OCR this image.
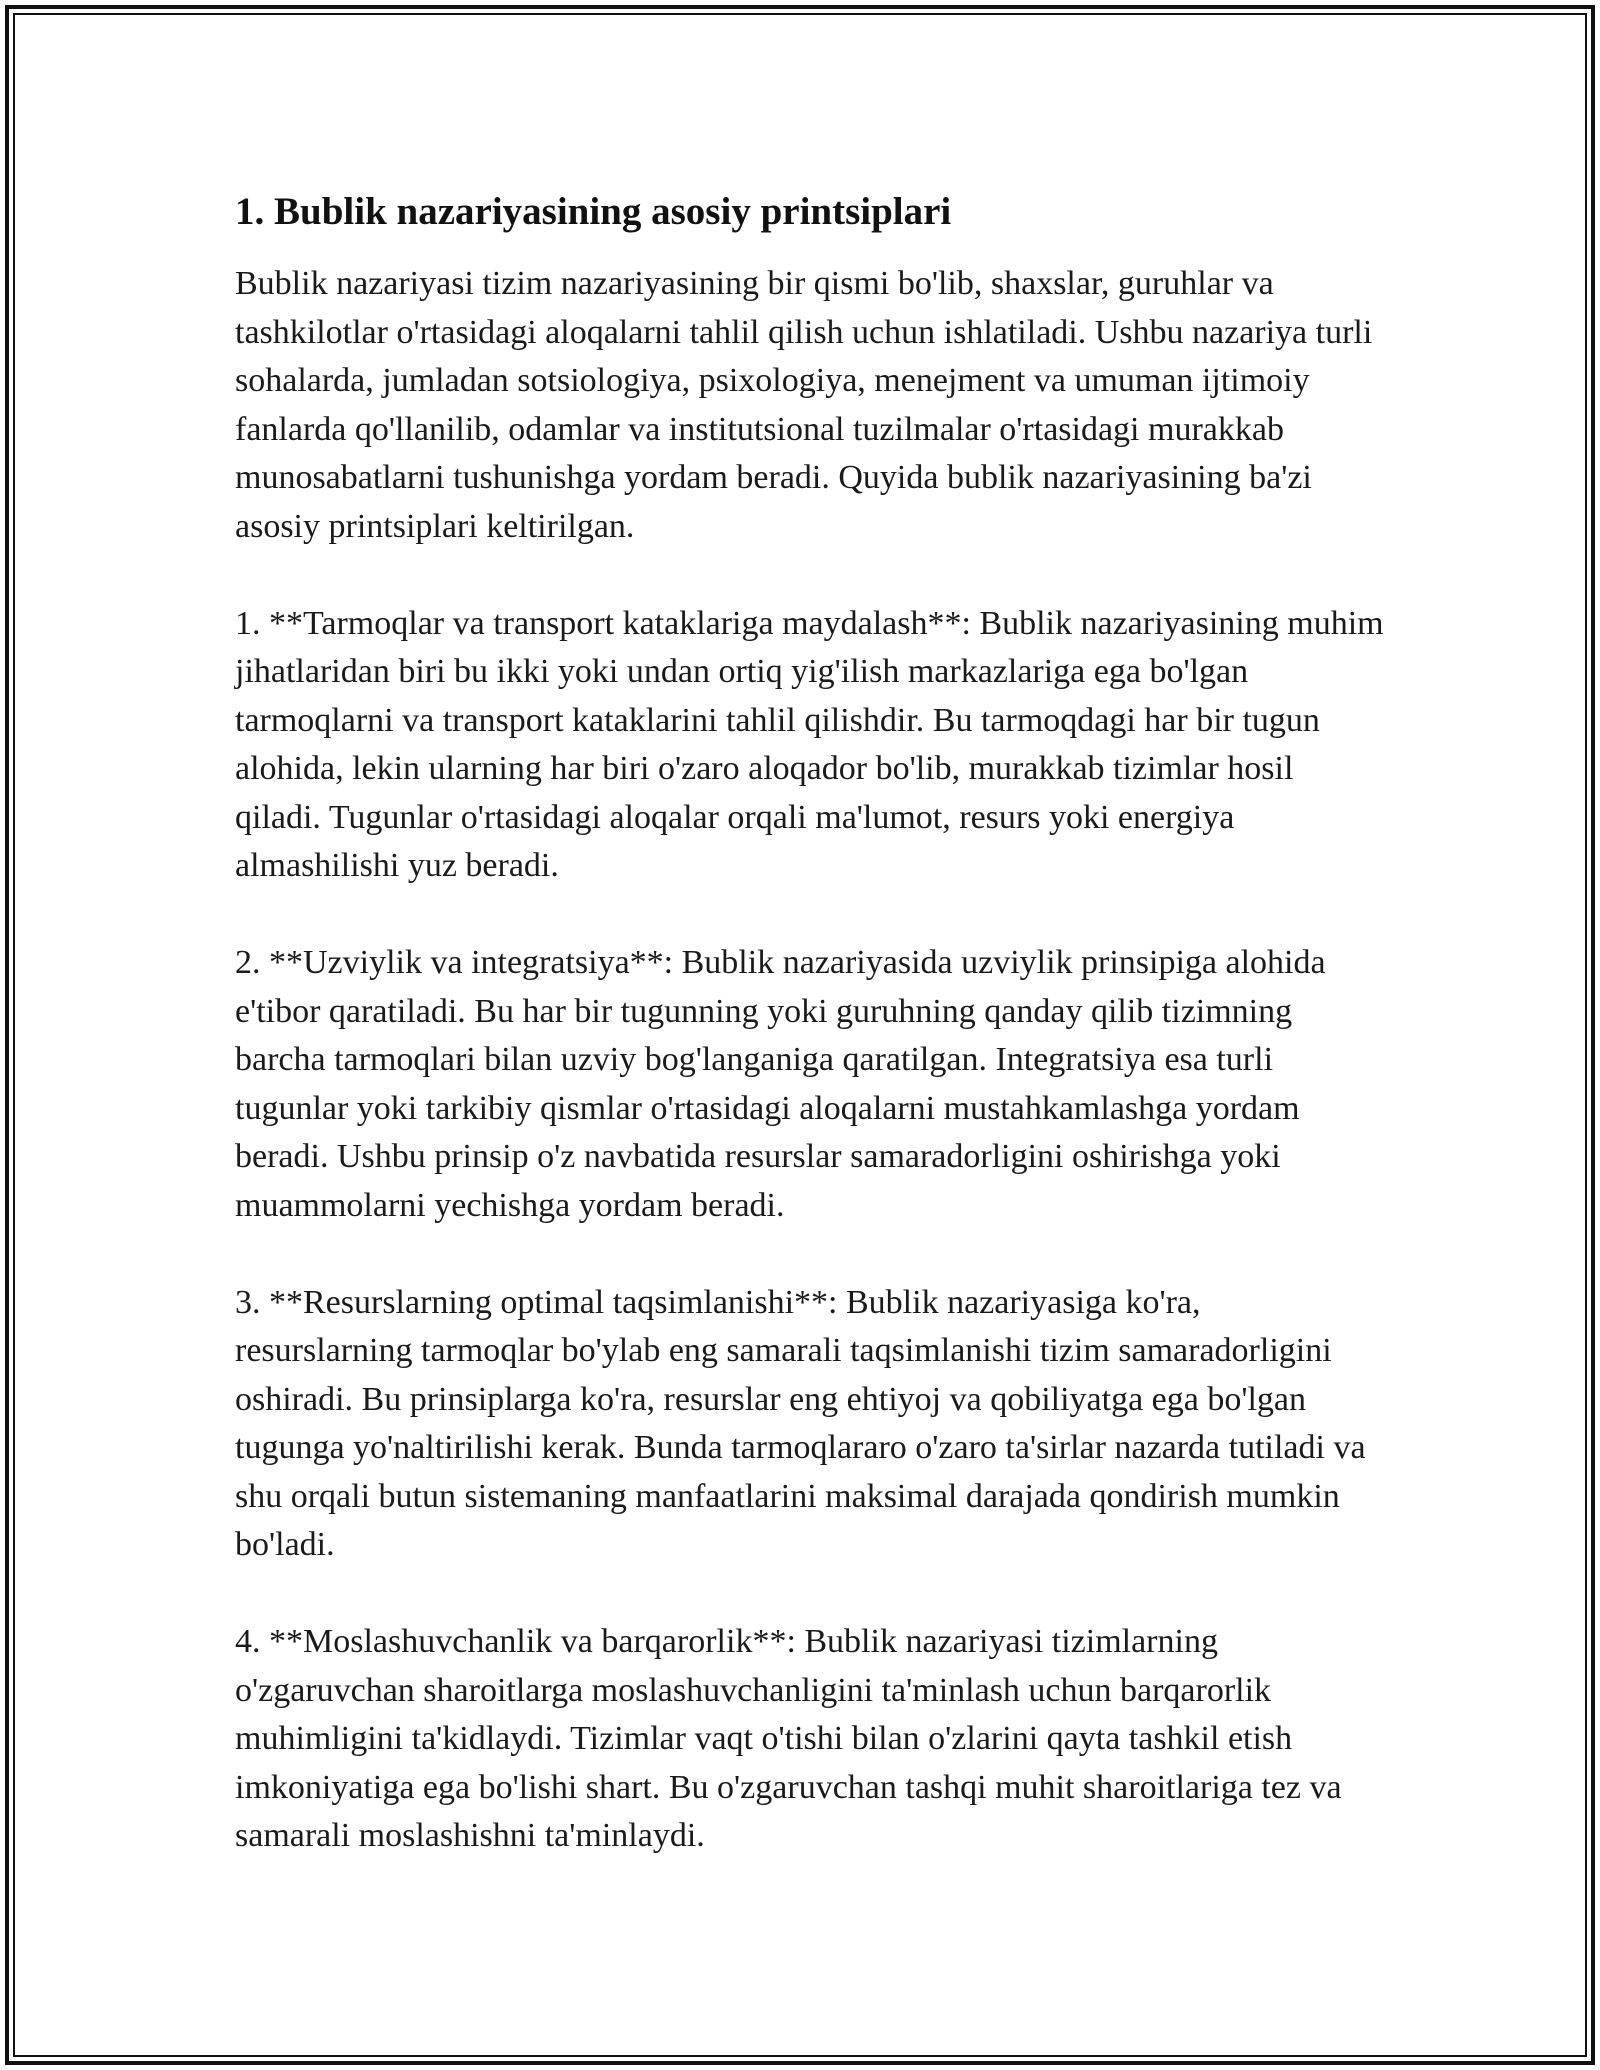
1. Bublik nazariyasining asosiy printsiplari

Bublik nazariyasi tizim nazariyasining bir qismi bo'lib, shaxslar, guruhlar va tashkilotlar o'rtasidagi aloqalarni tahlil qilish uchun ishlatiladi. Ushbu nazariya turli sohalarda, jumladan sotsiologiya, psixologiya, menejment va umuman ijtimoiy fanlarda qo'llanilib, odamlar va institutsional tuzilmalar o'rtasidagi murakkab munosabatlarni tushunishga yordam beradi. Quyida bublik nazariyasining ba'zi asosiy printsiplari keltirilgan.

1. **Tarmoqlar va transport kataklariga maydalash**: Bublik nazariyasining muhim jihatlaridan biri bu ikki yoki undan ortiq yig'ilish markazlariga ega bo'lgan tarmoqlarni va transport kataklarini tahlil qilishdir. Bu tarmoqdagi har bir tugun alohida, lekin ularning har biri o'zaro aloqador bo'lib, murakkab tizimlar hosil qiladi. Tugunlar o'rtasidagi aloqalar orqali ma'lumot, resurs yoki energiya almashilishi yuz beradi.

2. **Uzviylik va integratsiya**: Bublik nazariyasida uzviylik prinsipiga alohida e'tibor qaratiladi. Bu har bir tugunning yoki guruhning qanday qilib tizimning barcha tarmoqlari bilan uzviy bog'langaniga qaratilgan. Integratsiya esa turli tugunlar yoki tarkibiy qismlar o'rtasidagi aloqalarni mustahkamlashga yordam beradi. Ushbu prinsip o'z navbatida resurslar samaradorligini oshirishga yoki muammolarni yechishga yordam beradi.

3. **Resurslarning optimal taqsimlanishi**: Bublik nazariyasiga ko'ra, resurslarning tarmoqlar bo'ylab eng samarali taqsimlanishi tizim samaradorligini oshiradi. Bu prinsiplarga ko'ra, resurslar eng ehtiyoj va qobiliyatga ega bo'lgan tugunga yo'naltirilishi kerak. Bunda tarmoqlararo o'zaro ta'sirlar nazarda tutiladi va shu orqali butun sistemaning manfaatlarini maksimal darajada qondirish mumkin bo'ladi.

4. **Moslashuvchanlik va barqarorlik**: Bublik nazariyasi tizimlarning o'zgaruvchan sharoitlarga moslashuvchanligini ta'minlash uchun barqarorlik muhimligini ta'kidlaydi. Tizimlar vaqt o'tishi bilan o'zlarini qayta tashkil etish imkoniyatiga ega bo'lishi shart. Bu o'zgaruvchan tashqi muhit sharoitlariga tez va samarali moslashishni ta'minlaydi.
